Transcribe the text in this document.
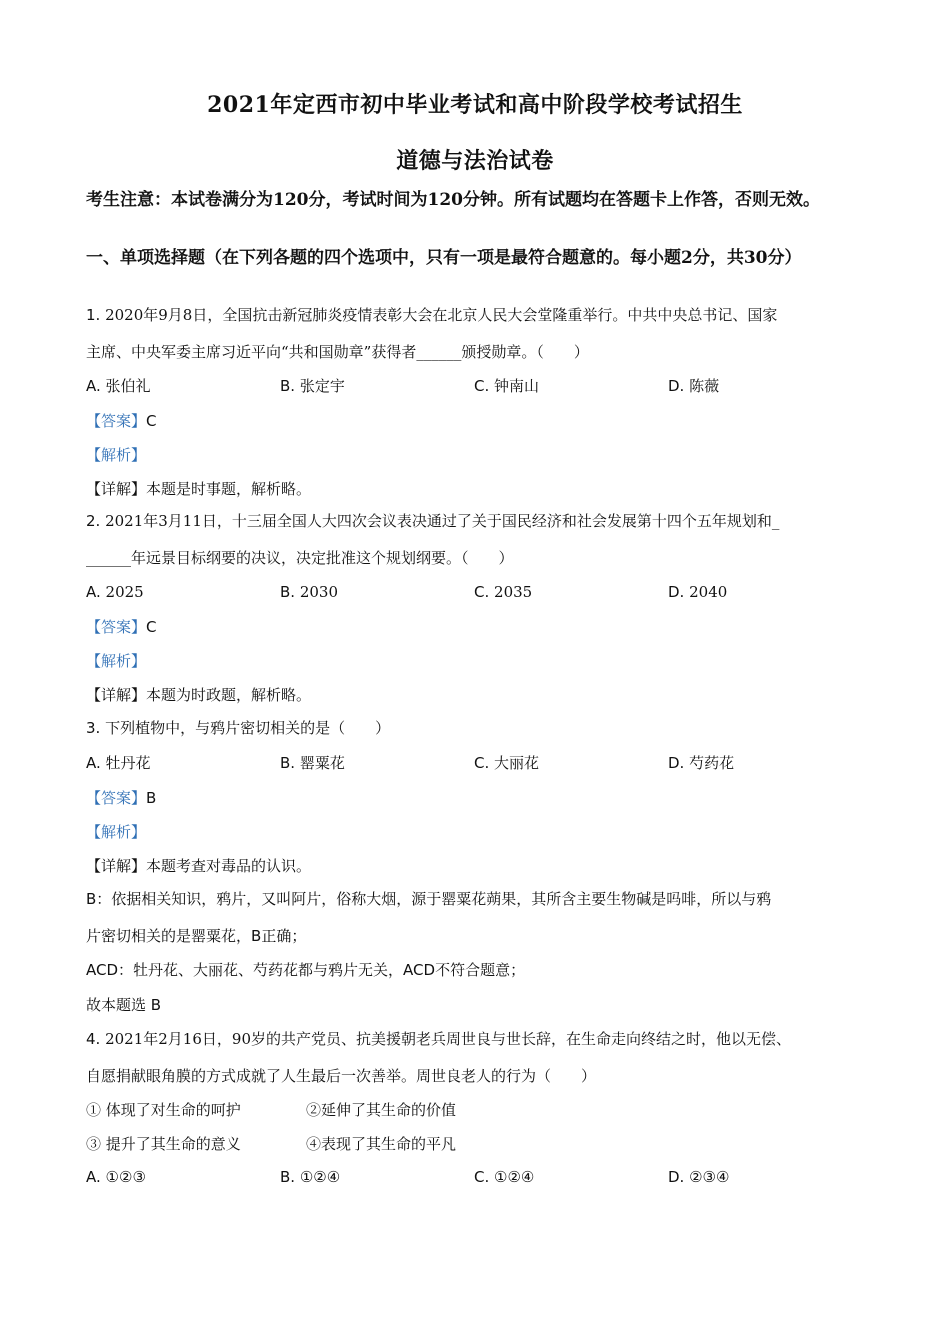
2021年定西市初中毕业考试和高中阶段学校考试招生
道德与法治试卷
考生注意：本试卷满分为120分，考试时间为120分钟。所有试题均在答题卡上作答，否则无效。
一、单项选择题（在下列各题的四个选项中，只有一项是最符合题意的。每小题2分，共30分）
1. 2020年9月8日，全国抗击新冠肺炎疫情表彰大会在北京人民大会堂隆重举行。中共中央总书记、国家
主席、中央军委主席习近平向“共和国勋章”获得者______颁授勋章。（　　）
A. 张伯礼	B. 张定宇	C. 钟南山	D. 陈薇
【答案】C
【解析】
【详解】本题是时事题，解析略。
2. 2021年3月11日，十三届全国人大四次会议表决通过了关于国民经济和社会发展第十四个五年规划和_
______年远景目标纲要的决议，决定批准这个规划纲要。（　　）
A. 2025	B. 2030	C. 2035	D. 2040
【答案】C
【解析】
【详解】本题为时政题，解析略。
3. 下列植物中，与鸦片密切相关的是（　　）
A. 牡丹花	B. 罂粟花	C. 大丽花	D. 芍药花
【答案】B
【解析】
【详解】本题考查对毒品的认识。
B：依据相关知识，鸦片，又叫阿片，俗称大烟，源于罂粟花蒴果，其所含主要生物碱是吗啡，所以与鸦
片密切相关的是罂粟花，B正确；
ACD：牡丹花、大丽花、芍药花都与鸦片无关，ACD不符合题意；
故本题选 B
4. 2021年2月16日，90岁的共产党员、抗美援朝老兵周世良与世长辞，在生命走向终结之时，他以无偿、
自愿捐献眼角膜的方式成就了人生最后一次善举。周世良老人的行为（　　）
① 体现了对生命的呵护	②延伸了其生命的价值
③ 提升了其生命的意义	④表现了其生命的平凡
A. ①②③	B. ①②④	C. ①②④	D. ②③④
